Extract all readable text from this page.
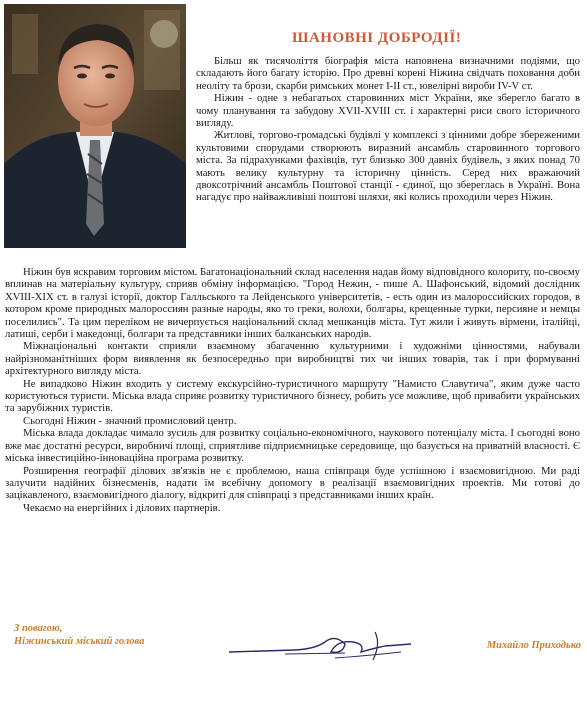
ШАНОВНІ ДОБРОДІЇ!

Більш як тисячоліття біографія міста наповнена визначними подіями, що складають його багату історію. Про древні корені Ніжина свідчать поховання доби неоліту та брози, скарби римських монет I-II ст., ювелірні вироби IV-V ст.

Ніжин - одне з небагатьох старовинних міст України, яке зберегло багато в чому планування та забудову XVII-XVIII ст. і характерні риси свого історичного вигляду.

Житлові, торгово-громадські будівлі у комплексі з цінними добре збереженими культовими спорудами створюють виразний ансамбль старовинного торгового міста. За підрахунками фахівців, тут близько 300 давніх будівель, з яких понад 70 мають велику культурну та історичну цінність. Серед них вражаючий двоксотрічний ансамбль Поштової станції - єдиної, що збереглась в Україні. Вона нагадує про найважливіші поштові шляхи, які колись проходили через Ніжин.

Ніжин був яскравим торговим містом. Багатонаціональний склад населення надав йому відповідного колориту, по-своєму вплинав на матеріальну культуру, сприяв обміну інформацією. "Город Нежин, - пише А. Шафонський, відомий дослідник XVIII-XIX ст. в галузі історії, доктор Галльського та Лейденського університетів, - есть один из малороссийских городов, в котором кроме природных малороссиян разные народы, яко то греки, волохи, болгары, крещенные турки, персияне и немцы поселились". Та цим переліком не вичерпується національний склад мешканців міста. Тут жили і живуть вірмени, італійці, латиші, серби і македонці, болгари та представники інших балканських народів.

Міжнаціональні контакти сприяли взаємному збагаченню культурними і художніми цінностями, набували найрізноманітніших форм виявлення як безпосередньо при виробництві тих чи інших товарів, так і при формуванні архітектурного вигляду міста.

Не випадково Ніжин входить у систему екскурсійно-туристичного маршруту "Намисто Славутича", яким дуже часто користуються туристи. Міська влада сприяє розвитку туристичного бізнесу, робить усе можливе, щоб привабити українських та зарубіжних туристів.

Сьогодні Ніжин - значний промисловий центр.

Міська влада докладає чимало зусиль для розвитку соціально-економічного, наукового потенціалу міста. І сьогодні воно вже має достатні ресурси, виробничі площі, сприятливе підприємницьке середовище, що базується на приватній власності. Є міська інвестиційно-інноваційна програма розвитку.

Розширення географії ділових зв'язків не є проблемою, наша співпраця буде успішною і взаємовигідною. Ми раді залучити надійних бізнесменів, надати їм всебічну допомогу в реалізації взаємовигідних проектів. Ми готові до зацікавленого, взаємовигідного діалогу, відкриті для співпраці з представниками інших країн.

Чекаємо на енергійних і ділових партнерів.

З повагою,
Ніжинський міський голова	Михайло Приходько
